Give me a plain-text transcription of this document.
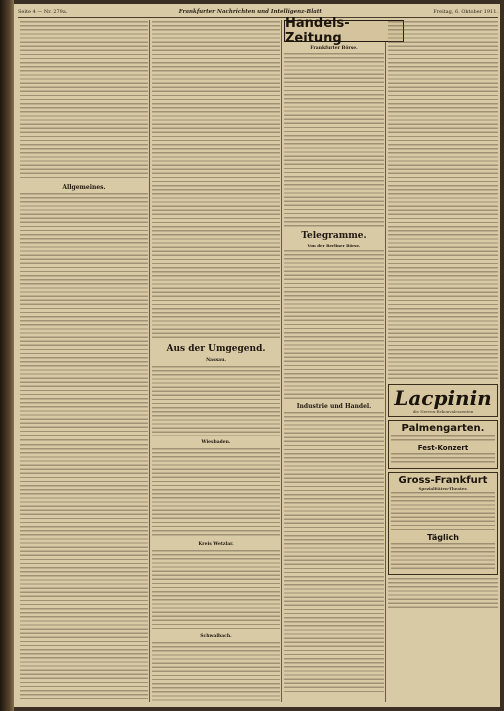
Seite 4 — Nr. 279a.	Frankfurter Nachrichten und Intelligenz-Blatt	Freitag, 6. Oktober 1911.
Allgemeines.
Aus der Umgegend.
Nassau.
Wiesbaden.
Kreis Wetzlar.
Schwalbach.
Handels-Zeitung
Frankfurter Börse.
Telegramme.
Von der Berliner Börse.
Industrie und Handel.	Lacpinin
die Nerven-Rekonvaleszenten
Palmengarten.
Fest-Konzert
Gross-Frankfurt
Spezialitäten-Theater.
Täglich
